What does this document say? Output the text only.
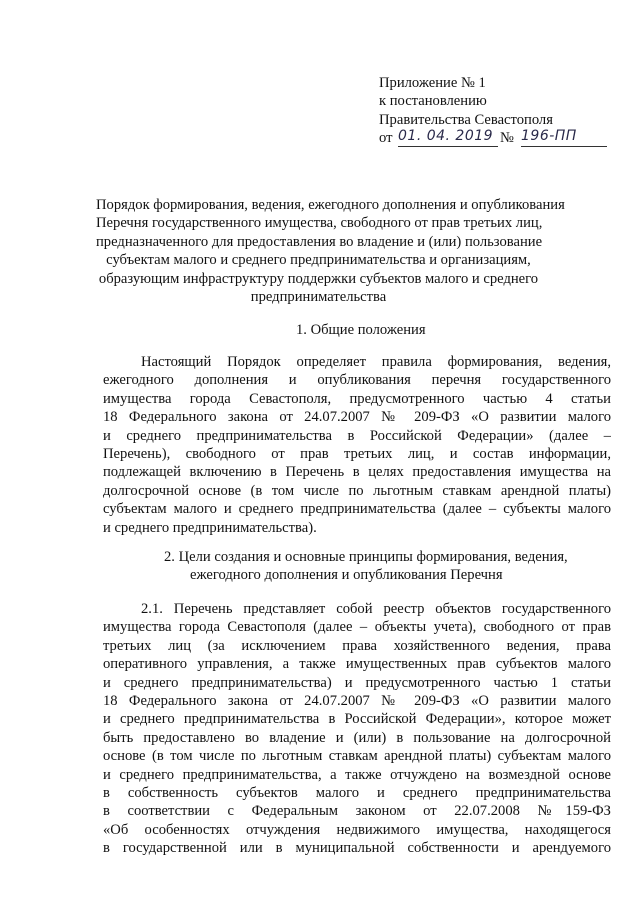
Приложение № 1
к постановлению
Правительства Севастополя
от 01. 04. 2019 № 196-ПП
Порядок формирования, ведения, ежегодного дополнения и опубликования
Перечня государственного имущества, свободного от прав третьих лиц,
предназначенного для предоставления во владение и (или) пользование
субъектам малого и среднего предпринимательства и организациям,
образующим инфраструктуру поддержки субъектов малого и среднего
предпринимательства
1. Общие положения
Настоящий Порядок определяет правила формирования, ведения,
ежегодного дополнения и опубликования перечня государственного
имущества города Севастополя, предусмотренного частью 4 статьи
18 Федерального закона от 24.07.2007 № 209-ФЗ «О развитии малого
и среднего предпринимательства в Российской Федерации» (далее –
Перечень), свободного от прав третьих лиц, и состав информации,
подлежащей включению в Перечень в целях предоставления имущества на
долгосрочной основе (в том числе по льготным ставкам арендной платы)
субъектам малого и среднего предпринимательства (далее – субъекты малого
и среднего предпринимательства).
2. Цели создания и основные принципы формирования, ведения,
ежегодного дополнения и опубликования Перечня
2.1. Перечень представляет собой реестр объектов государственного
имущества города Севастополя (далее – объекты учета), свободного от прав
третьих лиц (за исключением права хозяйственного ведения, права
оперативного управления, а также имущественных прав субъектов малого
и среднего предпринимательства) и предусмотренного частью 1 статьи
18 Федерального закона от 24.07.2007 № 209-ФЗ «О развитии малого
и среднего предпринимательства в Российской Федерации», которое может
быть предоставлено во владение и (или) в пользование на долгосрочной
основе (в том числе по льготным ставкам арендной платы) субъектам малого
и среднего предпринимательства, а также отчуждено на возмездной основе
в собственность субъектов малого и среднего предпринимательства
в соответствии с Федеральным законом от 22.07.2008 №159-ФЗ
«Об особенностях отчуждения недвижимого имущества, находящегося
в государственной или в муниципальной собственности и арендуемого
